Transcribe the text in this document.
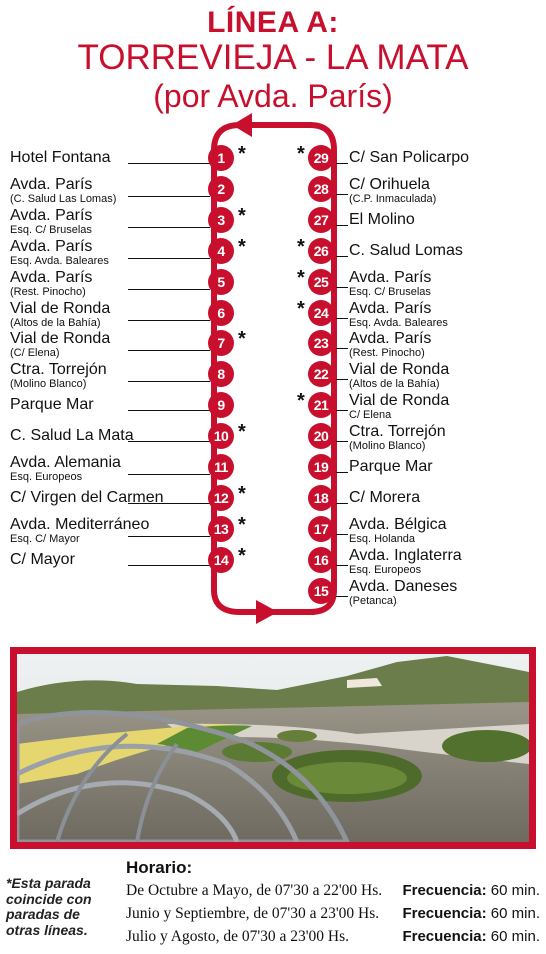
LÍNEA A:
TORREVIEJA - LA MATA
(por Avda. París)
Hotel Fontana	1 *
Avda. París
(C. Salud Las Lomas)
2
Avda. París
Esq. C/ Bruselas
3 *
Avda. París
Esq. Avda. Baleares
4 *
Avda. París
(Rest. Pinocho)
5
Vial de Ronda
(Altos de la Bahía)
6
Vial de Ronda
(C/ Elena)
7 *
Ctra. Torrejón
(Molino Blanco)
8
Parque Mar	9
C. Salud La Mata	10 *
Avda. Alemania
Esq. Europeos
11
C/ Virgen del Carmen	12 *
Avda. Mediterráneo
Esq. C/ Mayor
13 *
C/ Mayor	14 *
* 29	C/ San Policarpo
28	C/ Orihuela
(C.P. Inmaculada)
27	El Molino
* 26	C. Salud Lomas
* 25	Avda. París
Esq. C/ Bruselas
* 24	Avda. París
Esq. Avda. Baleares
23	Avda. París
(Rest. Pinocho)
22	Vial de Ronda
(Altos de la Bahía)
* 21	Vial de Ronda
C/ Elena
20	Ctra. Torrejón
(Molino Blanco)
19	Parque Mar
18	C/ Morera
17	Avda. Bélgica
Esq. Holanda
16	Avda. Inglaterra
Esq. Europeos
15	Avda. Daneses
(Petanca)
*Esta parada coincide con paradas de otras líneas.
Horario:
De Octubre a Mayo, de 07'30 a 22'00 Hs. Frecuencia: 60 min.
Junio y Septiembre, de 07'30 a 23'00 Hs. Frecuencia: 60 min.
Julio y Agosto, de 07'30 a 23'00 Hs.	Frecuencia: 60 min.
